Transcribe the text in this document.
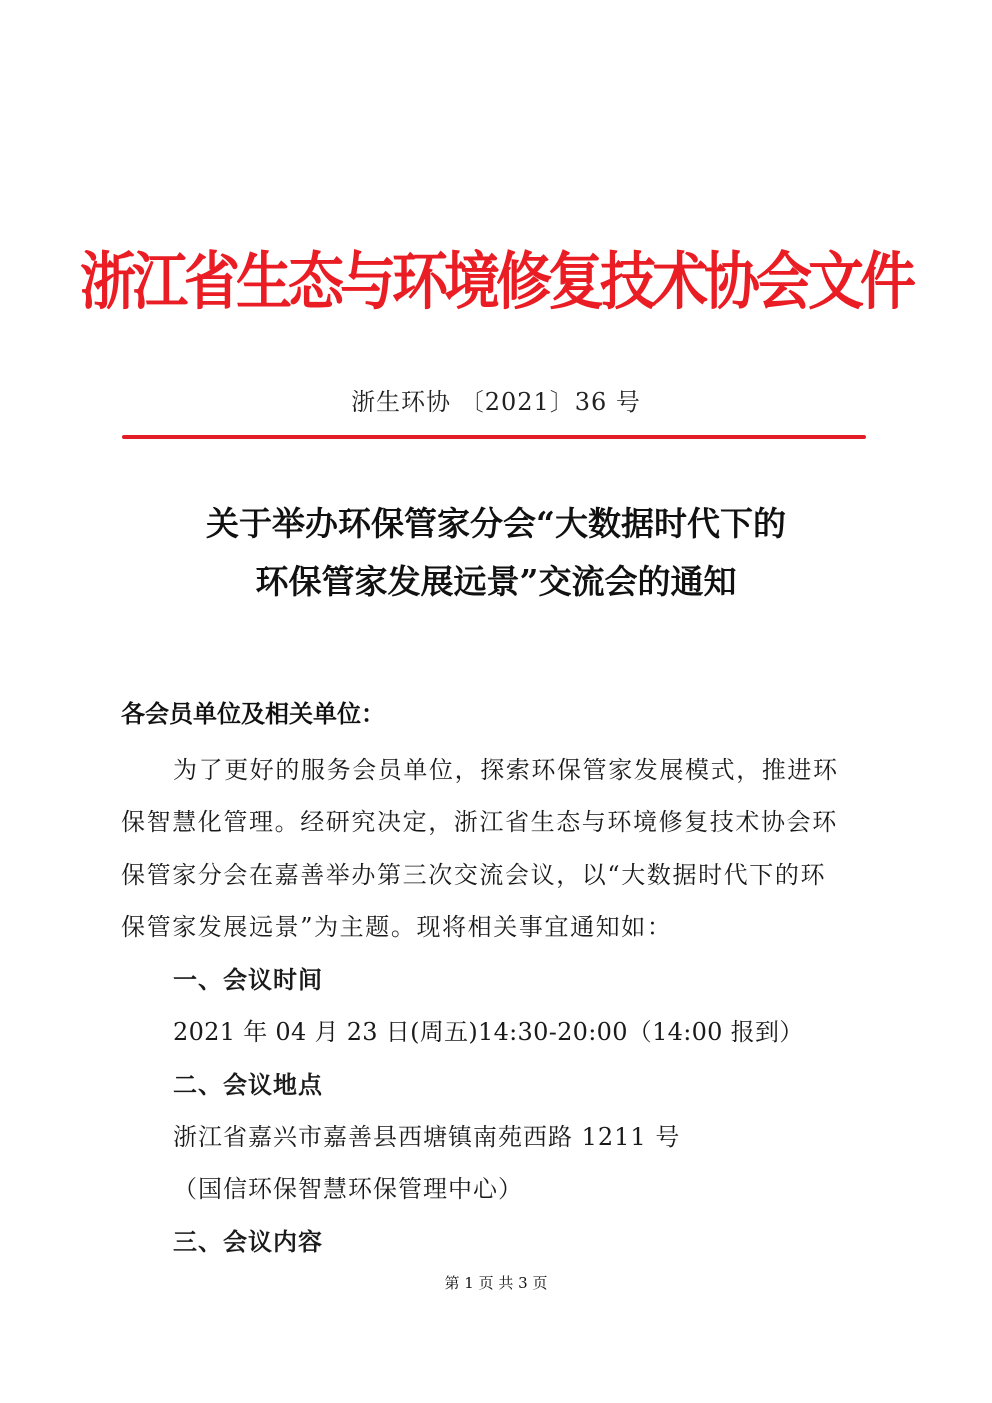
浙江省生态与环境修复技术协会文件
浙生环协 〔2021〕36 号
关于举办环保管家分会“大数据时代下的
环保管家发展远景”交流会的通知
各会员单位及相关单位：
为了更好的服务会员单位，探索环保管家发展模式，推进环
保智慧化管理。经研究决定，浙江省生态与环境修复技术协会环
保管家分会在嘉善举办第三次交流会议，以“大数据时代下的环
保管家发展远景”为主题。现将相关事宜通知如：
一、会议时间
2021 年 04 月 23 日(周五)14:30-20:00（14:00 报到）
二、会议地点
浙江省嘉兴市嘉善县西塘镇南苑西路 1211 号
（国信环保智慧环保管理中心）
三、会议内容
第 1 页 共 3 页
